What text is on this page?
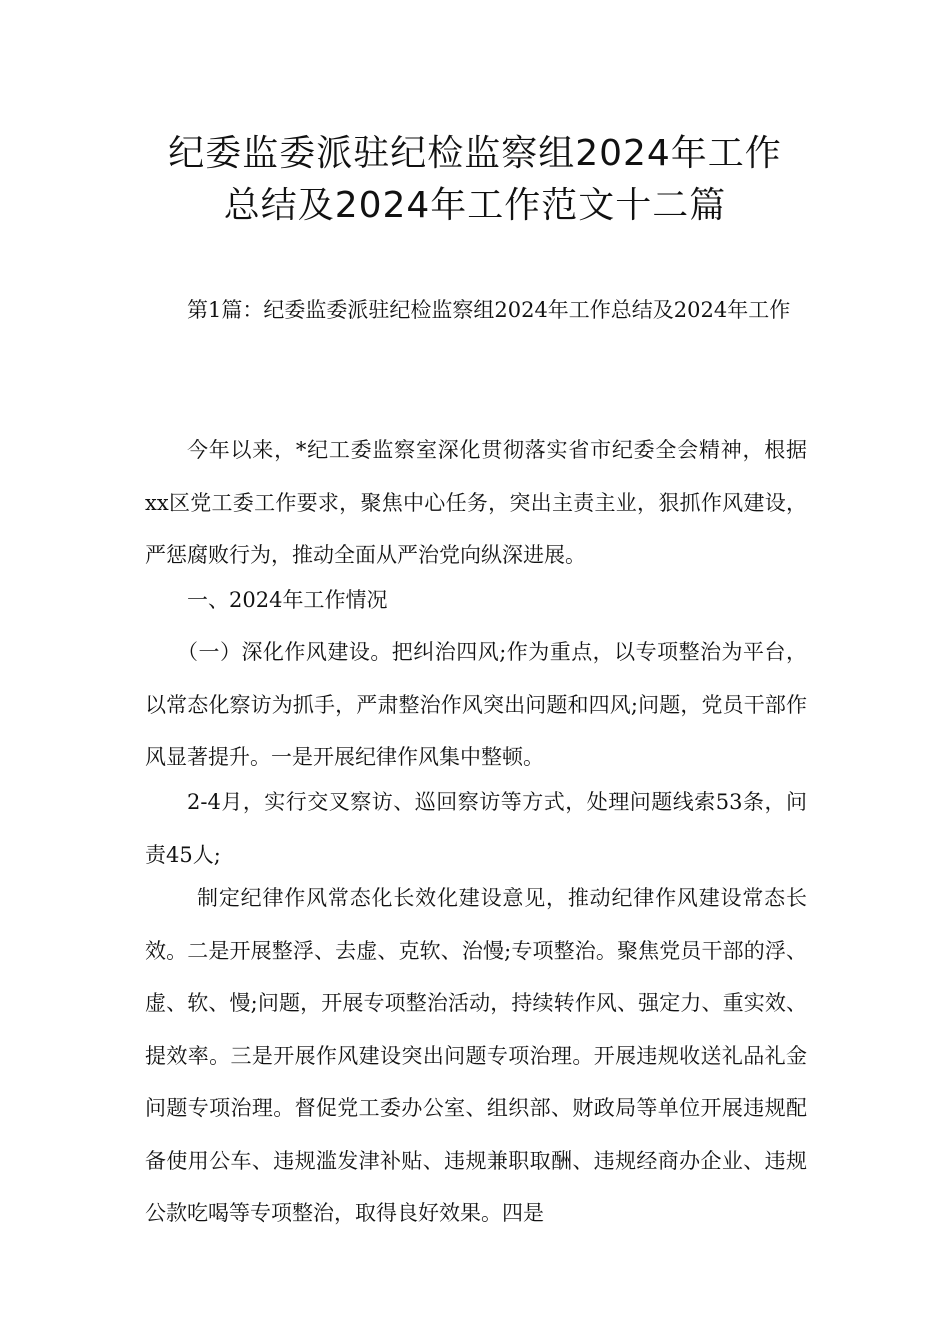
纪委监委派驻纪检监察组2024年工作
总结及2024年工作范文十二篇

第1篇：纪委监委派驻纪检监察组2024年工作总结及2024年工作

今年以来，*纪工委监察室深化贯彻落实省市纪委全会精神，根据xx区党工委工作要求，聚焦中心任务，突出主责主业，狠抓作风建设，严惩腐败行为，推动全面从严治党向纵深进展。

一、2024年工作情况

（一）深化作风建设。把纠治四风;作为重点，以专项整治为平台，以常态化察访为抓手，严肃整治作风突出问题和四风;问题，党员干部作风显著提升。一是开展纪律作风集中整顿。

2-4月，实行交叉察访、巡回察访等方式，处理问题线索53条，问责45人;

制定纪律作风常态化长效化建设意见，推动纪律作风建设常态长效。二是开展整浮、去虚、克软、治慢;专项整治。聚焦党员干部的浮、虚、软、慢;问题，开展专项整治活动，持续转作风、强定力、重实效、提效率。三是开展作风建设突出问题专项治理。开展违规收送礼品礼金问题专项治理。督促党工委办公室、组织部、财政局等单位开展违规配备使用公车、违规滥发津补贴、违规兼职取酬、违规经商办企业、违规公款吃喝等专项整治，取得良好效果。四是
